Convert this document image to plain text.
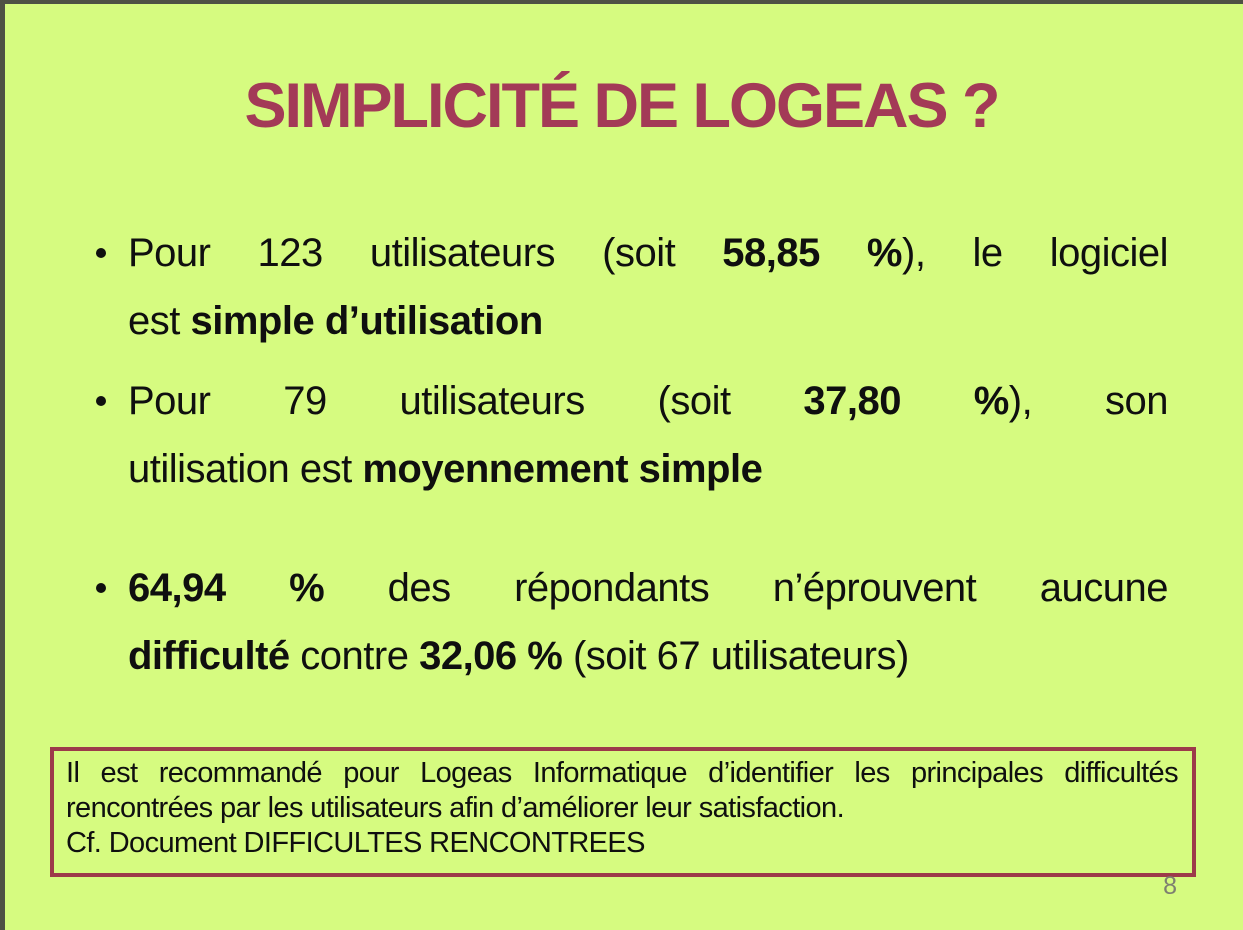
SIMPLICITÉ DE LOGEAS ?
Pour 123 utilisateurs (soit 58,85 %), le logiciel
est simple d’utilisation
Pour 79 utilisateurs (soit 37,80 %), son
utilisation est moyennement simple
64,94 % des répondants n’éprouvent aucune
difficulté contre 32,06 % (soit 67 utilisateurs)
Il est recommandé pour Logeas Informatique d’identifier les principales difficultés
rencontrées par les utilisateurs afin d’améliorer leur satisfaction.
Cf. Document DIFFICULTES RENCONTREES
8
